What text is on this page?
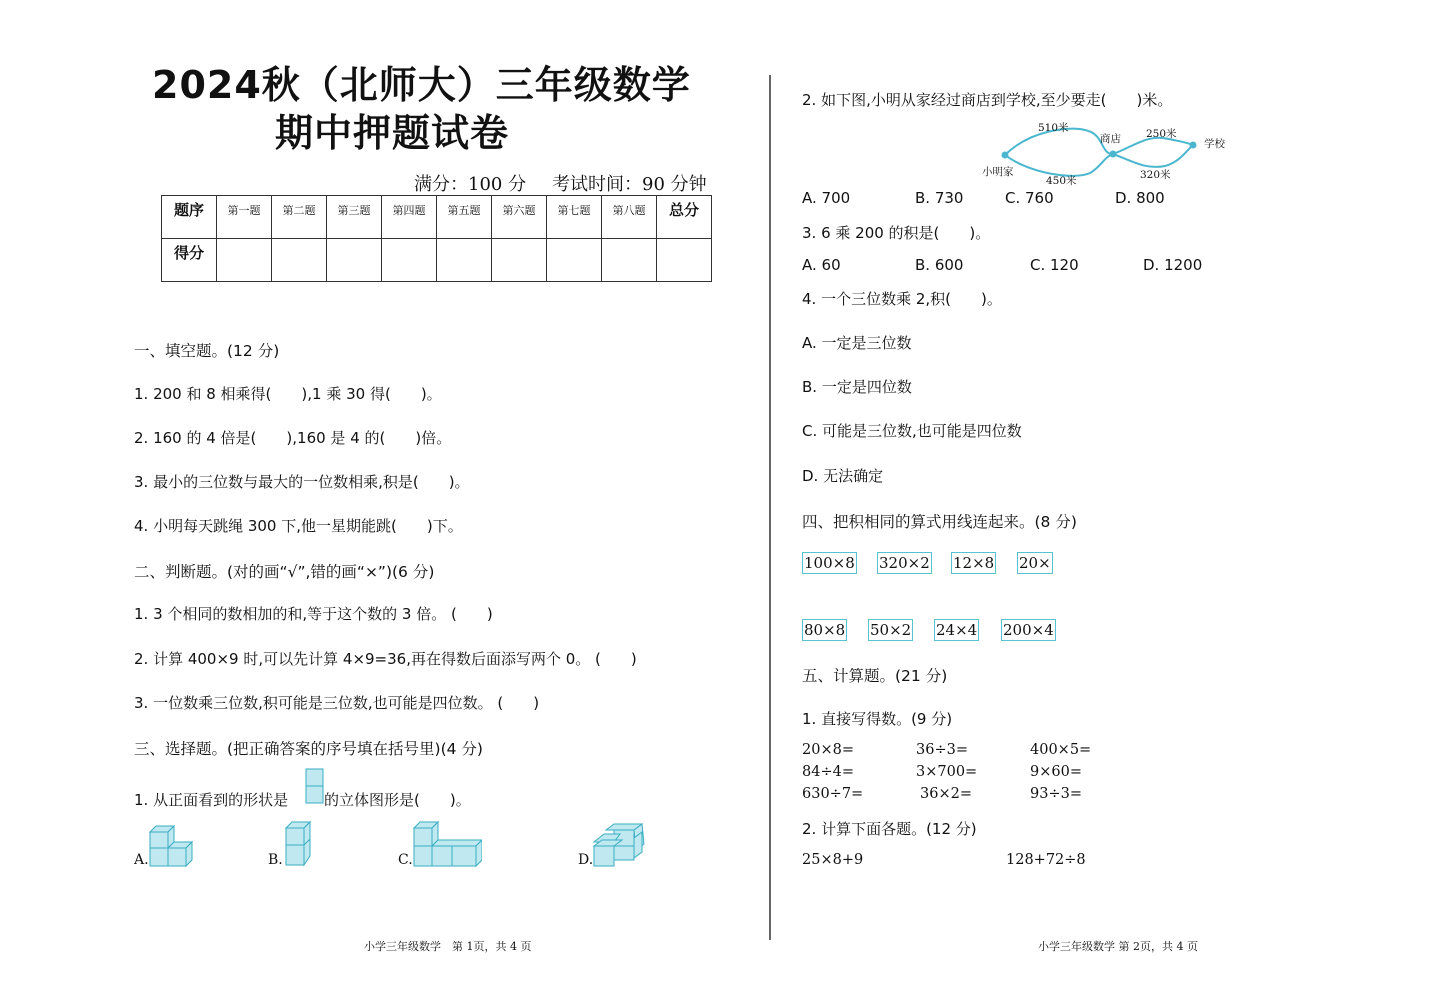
2024秋（北师大）三年级数学
期中押题试卷
满分：100 分 考试时间：90 分钟
题序	第一题	第二题	第三题	第四题	第五题	第六题	第七题	第八题	总分
得分									
一、填空题。(12 分)
1. 200 和 8 相乘得(　　),1 乘 30 得(　　)。
2. 160 的 4 倍是(　　),160 是 4 的(　　)倍。
3. 最小的三位数与最大的一位数相乘,积是(　　)。
4. 小明每天跳绳 300 下,他一星期能跳(　　)下。
二、判断题。(对的画“√”,错的画“×”)(6 分)
1. 3 个相同的数相加的和,等于这个数的 3 倍。 (　　)
2. 计算 400×9 时,可以先计算 4×9=36,再在得数后面添写两个 0。 (　　)
3. 一位数乘三位数,积可能是三位数,也可能是四位数。 (　　)
三、选择题。(把正确答案的序号填在括号里)(4 分)
1. 从正面看到的形状是 的立体图形是(　　)。
A.	B.	C.	D.
小学三年级数学　第 1页，共 4 页
2. 如下图,小明从家经过商店到学校,至少要走(　　)米。
小明家
商店	学校
510米
450米
250米
320米
A. 700	B. 730	C. 760	D. 800
3. 6 乘 200 的积是(　　)。
A. 60	B. 600	C. 120	D. 1200
4. 一个三位数乘 2,积(　　)。
A. 一定是三位数
B. 一定是四位数
C. 可能是三位数,也可能是四位数
D. 无法确定
四、把积相同的算式用线连起来。(8 分)
100×8 320×2 12×8 20×
80×8 50×2 24×4 200×4
五、计算题。(21 分)
1. 直接写得数。(9 分)
20×8=	36÷3=	400×5=
84÷4=	3×700=	9×60=
630÷7=	36×2=	93÷3=
2. 计算下面各题。(12 分)
25×8+9	128+72÷8
小学三年级数学 第 2页，共 4 页
